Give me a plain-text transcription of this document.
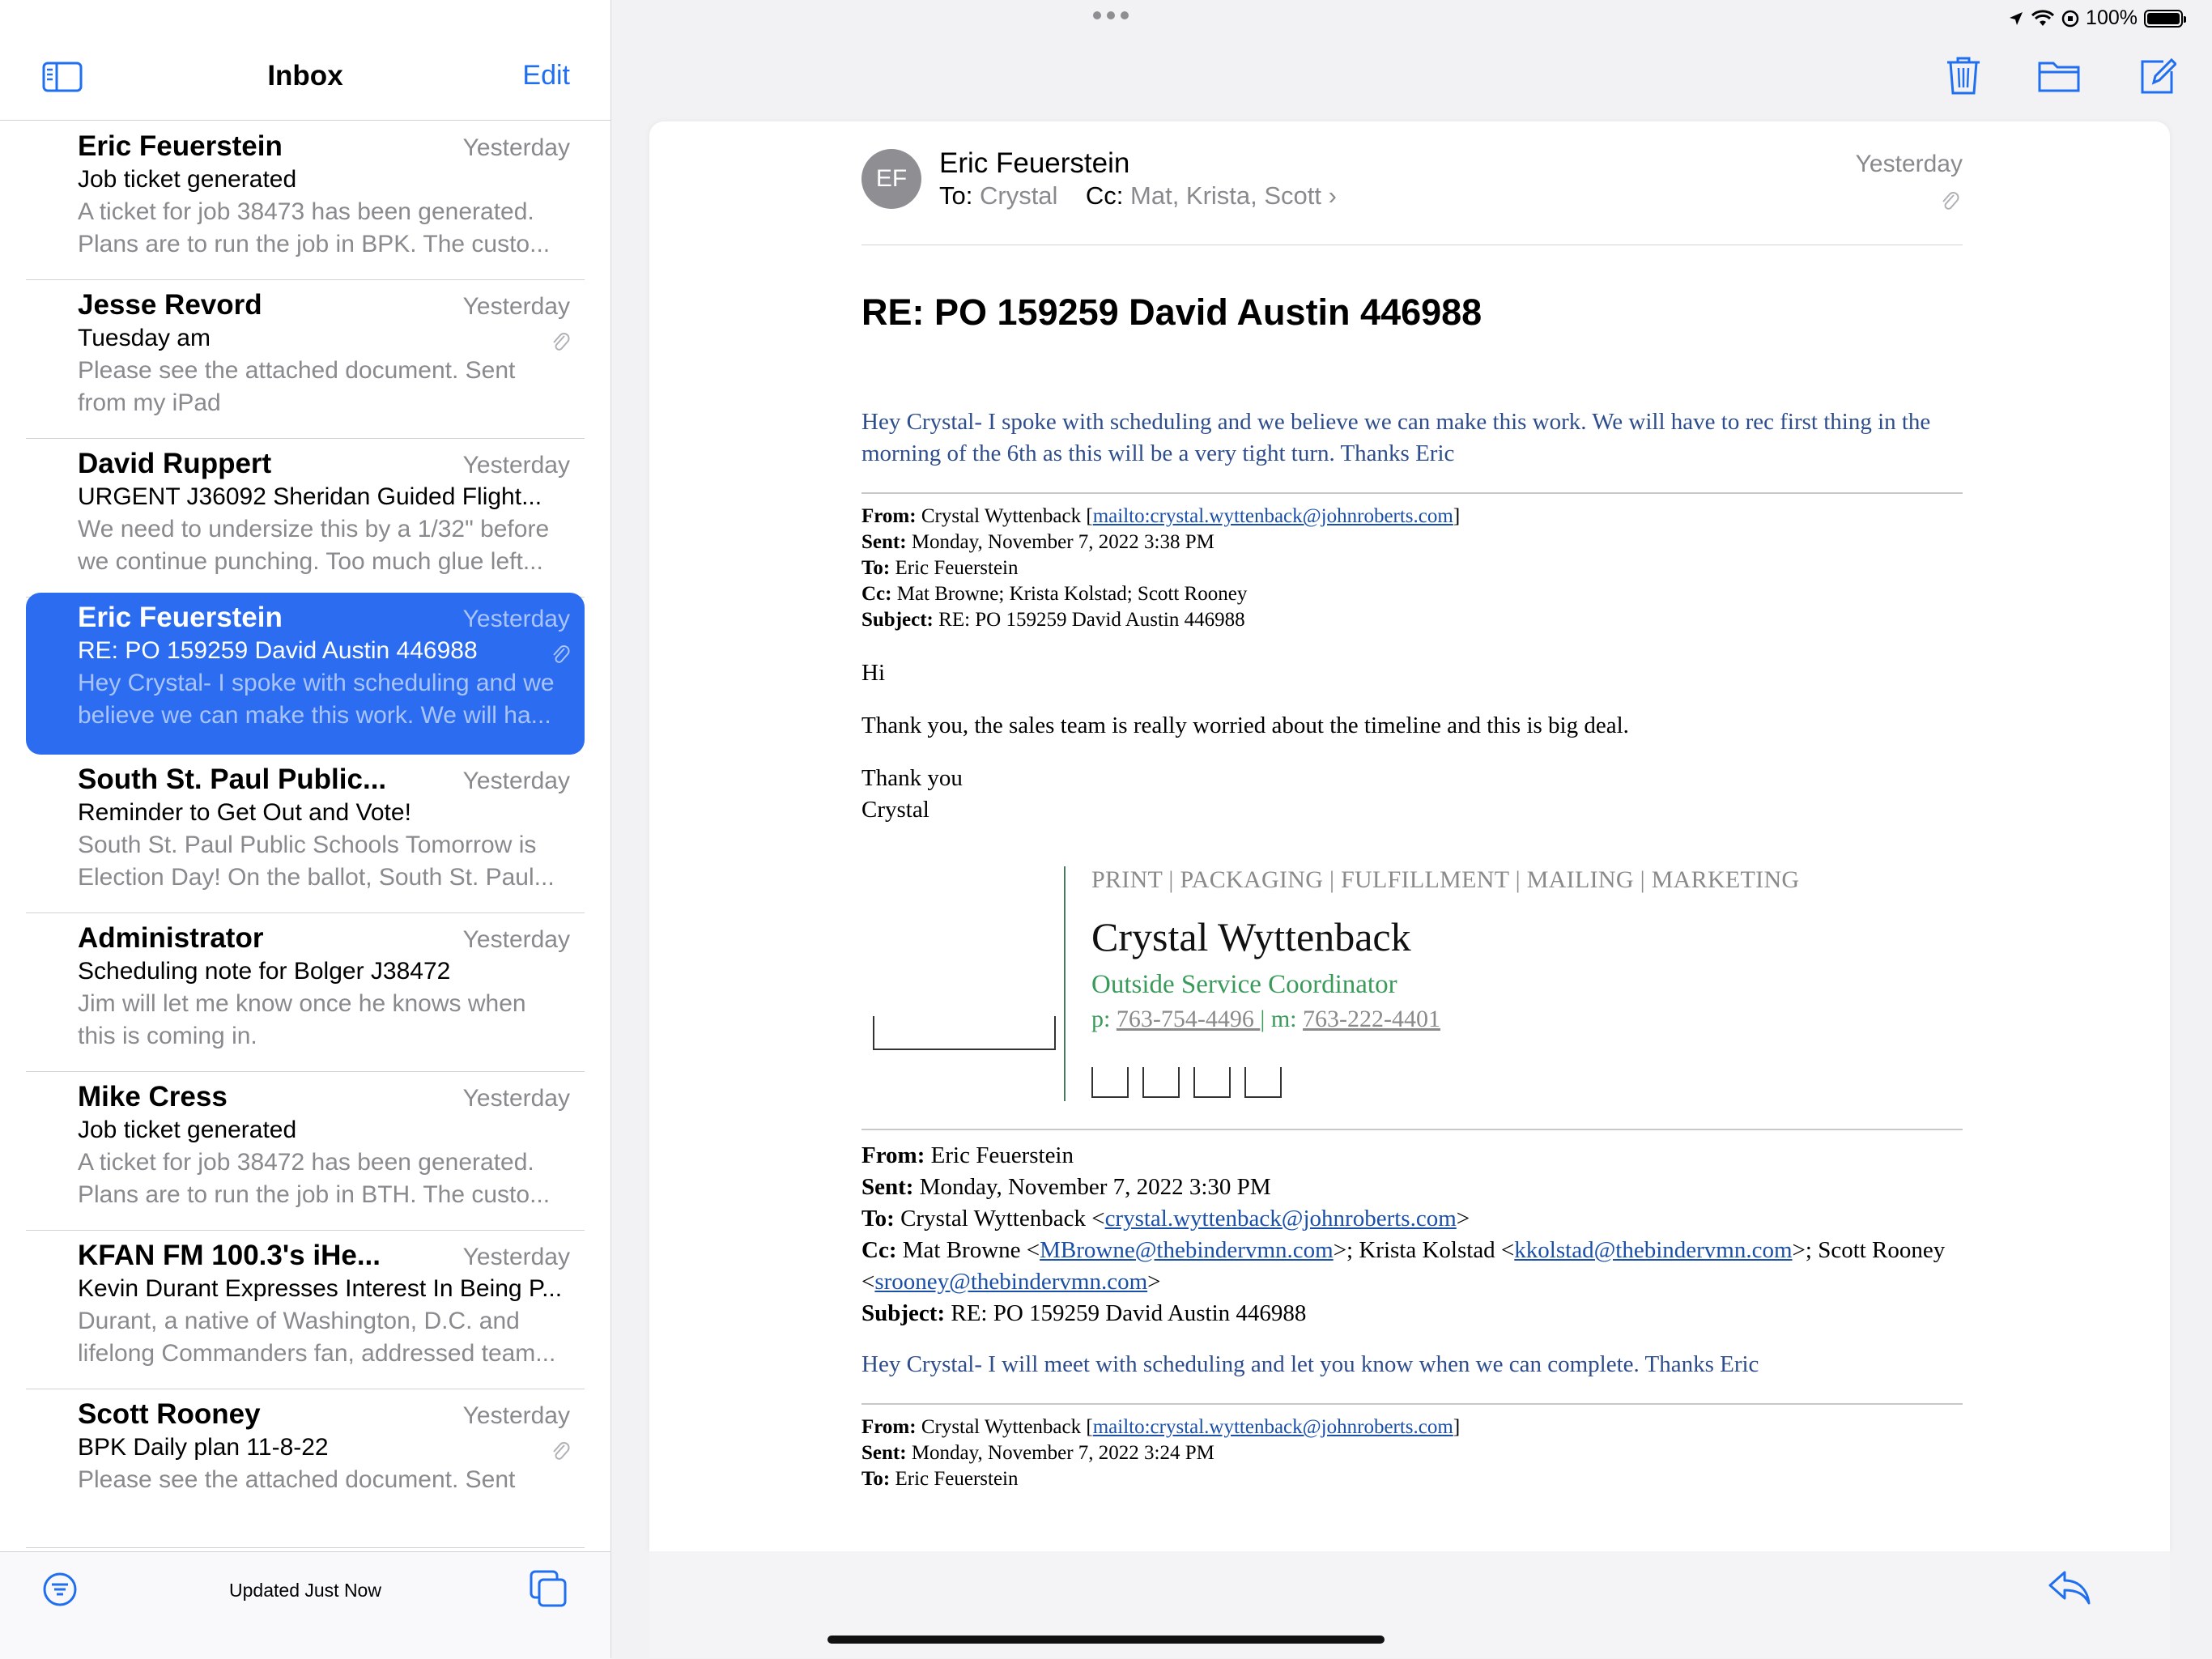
100%
Inbox	Edit
Eric Feuerstein	Yesterday
Job ticket generated
A ticket for job 38473 has been generated. Plans are to run the job in BPK. The custo...
Jesse Revord	Yesterday
Tuesday am
Please see the attached document. Sent from my iPad
David Ruppert	Yesterday
URGENT J36092 Sheridan Guided Flight...
We need to undersize this by a 1/32" before we continue punching. Too much glue left...
Eric Feuerstein	Yesterday
RE: PO 159259 David Austin 446988
Hey Crystal- I spoke with scheduling and we believe we can make this work. We will ha...
South St. Paul Public...	Yesterday
Reminder to Get Out and Vote!
South St. Paul Public Schools Tomorrow is Election Day! On the ballot, South St. Paul...
Administrator	Yesterday
Scheduling note for Bolger J38472
Jim will let me know once he knows when this is coming in.
Mike Cress	Yesterday
Job ticket generated
A ticket for job 38472 has been generated. Plans are to run the job in BTH. The custo...
KFAN FM 100.3's iHe...	Yesterday
Kevin Durant Expresses Interest In Being P...
Durant, a native of Washington, D.C. and lifelong Commanders fan, addressed team...
Scott Rooney	Yesterday
BPK Daily plan 11-8-22
Please see the attached document. Sent
Updated Just Now
EF	Eric Feuerstein
To: Crystal Cc: Mat, Krista, Scott ›
Yesterday
RE: PO 159259 David Austin 446988
Hey Crystal- I spoke with scheduling and we believe we can make this work. We will have to rec first thing in the morning of the 6th as this will be a very tight turn. Thanks Eric
From: Crystal Wyttenback [mailto:crystal.wyttenback@johnroberts.com]
Sent: Monday, November 7, 2022 3:38 PM
To: Eric Feuerstein
Cc: Mat Browne; Krista Kolstad; Scott Rooney
Subject: RE: PO 159259 David Austin 446988
Hi
Thank you, the sales team is really worried about the timeline and this is big deal.
Thank you
Crystal
PRINT | PACKAGING | FULFILLMENT | MAILING | MARKETING
Crystal Wyttenback
Outside Service Coordinator
p: 763-754-4496 | m: 763-222-4401
From: Eric Feuerstein
Sent: Monday, November 7, 2022 3:30 PM
To: Crystal Wyttenback <crystal.wyttenback@johnroberts.com>
Cc: Mat Browne <MBrowne@thebindervmn.com>; Krista Kolstad <kkolstad@thebindervmn.com>; Scott Rooney <srooney@thebindervmn.com>
Subject: RE: PO 159259 David Austin 446988
Hey Crystal- I will meet with scheduling and let you know when we can complete. Thanks Eric
From: Crystal Wyttenback [mailto:crystal.wyttenback@johnroberts.com]
Sent: Monday, November 7, 2022 3:24 PM
To: Eric Feuerstein
